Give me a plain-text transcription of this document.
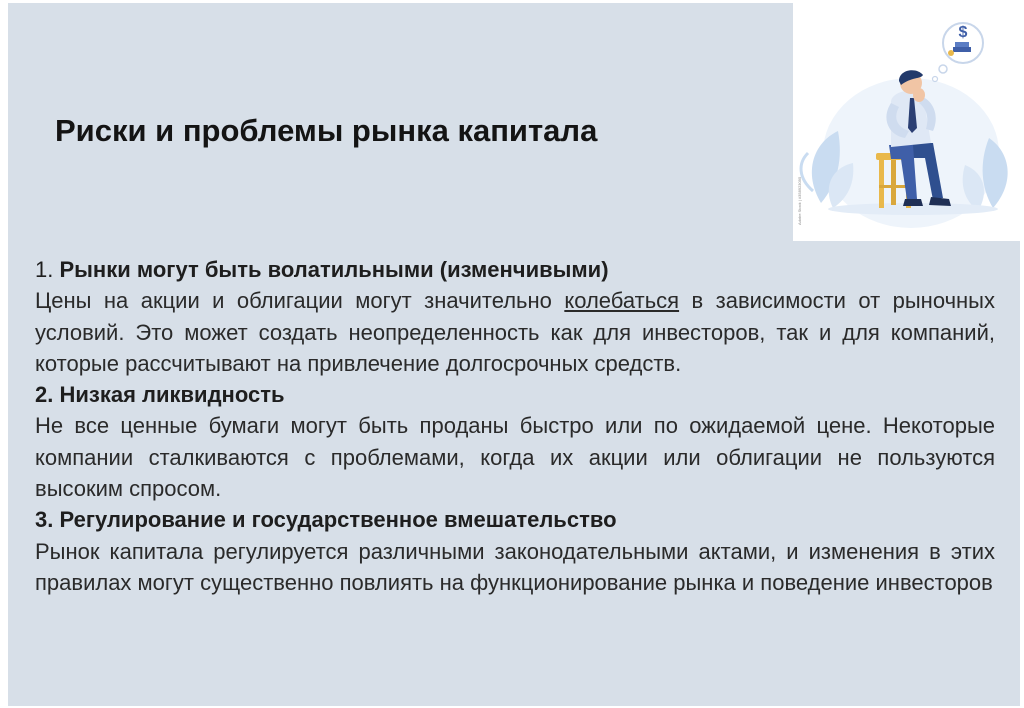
Риски и проблемы рынка капитала
$
Adobe Stock | #358923095

1. Рынки могут быть волатильными (изменчивыми)

Цены на акции и облигации могут значительно колебаться в зависимости от рыночных условий. Это может создать неопределенность как для инвесторов, так и для компаний, которые рассчитывают на привлечение долгосрочных средств.

2. Низкая ликвидность

Не все ценные бумаги могут быть проданы быстро или по ожидаемой цене. Некоторые компании сталкиваются с проблемами, когда их акции или облигации не пользуются высоким спросом.

3. Регулирование и государственное вмешательство

Рынок капитала регулируется различными законодательными актами, и изменения в этих правилах могут существенно повлиять на функционирование рынка и поведение инвесторов
